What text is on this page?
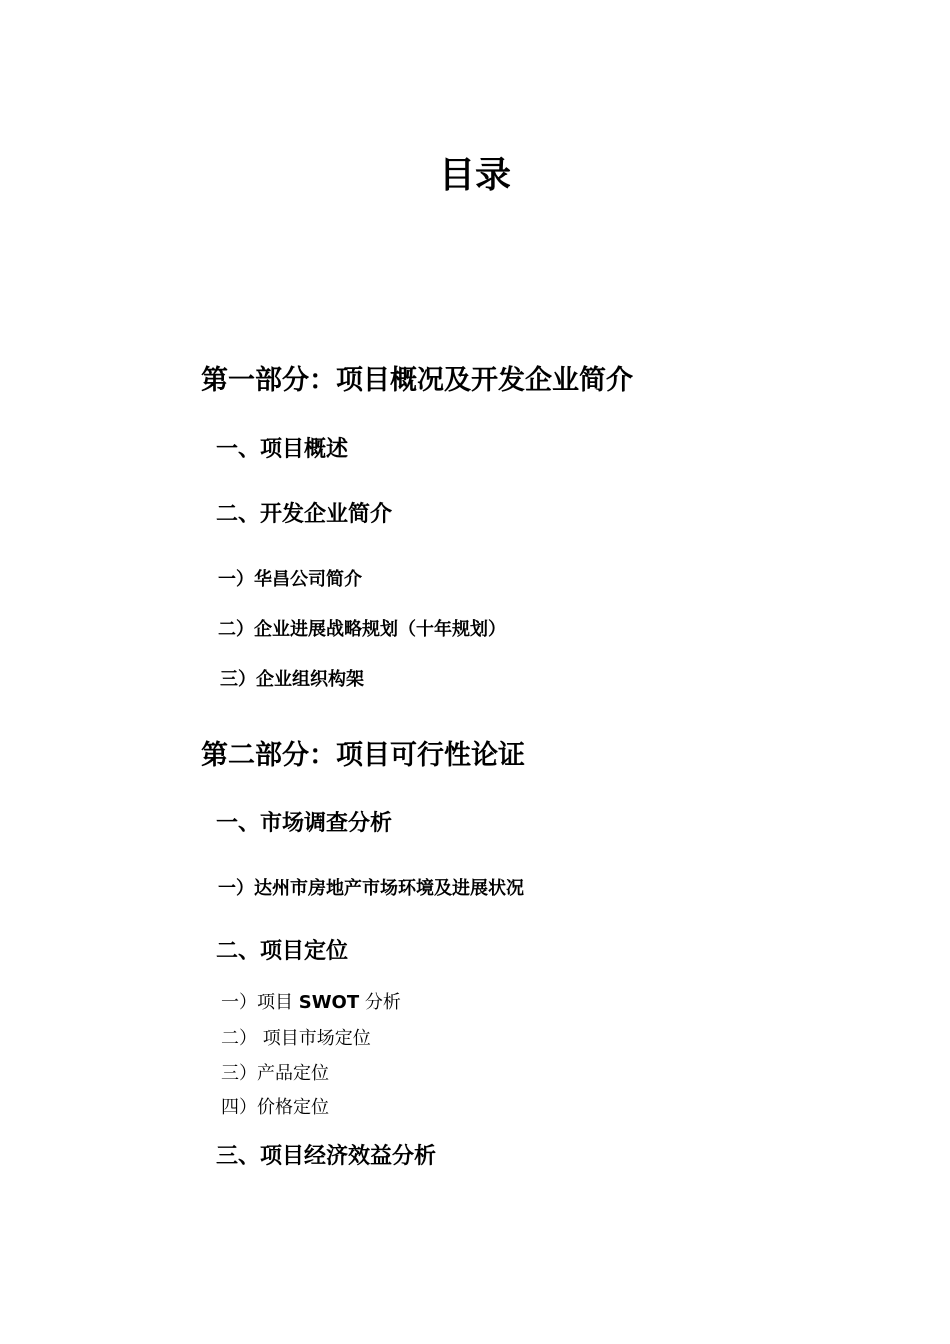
目录

第一部分：项目概况及开发企业简介

一、项目概述

二、开发企业简介

一）华昌公司简介

二）企业进展战略规划（十年规划）

三）企业组织构架

第二部分：项目可行性论证

一、市场调查分析

一）达州市房地产市场环境及进展状况

二、项目定位

一）项目 SWOT 分析

二） 项目市场定位

三）产品定位

四）价格定位

三、项目经济效益分析
